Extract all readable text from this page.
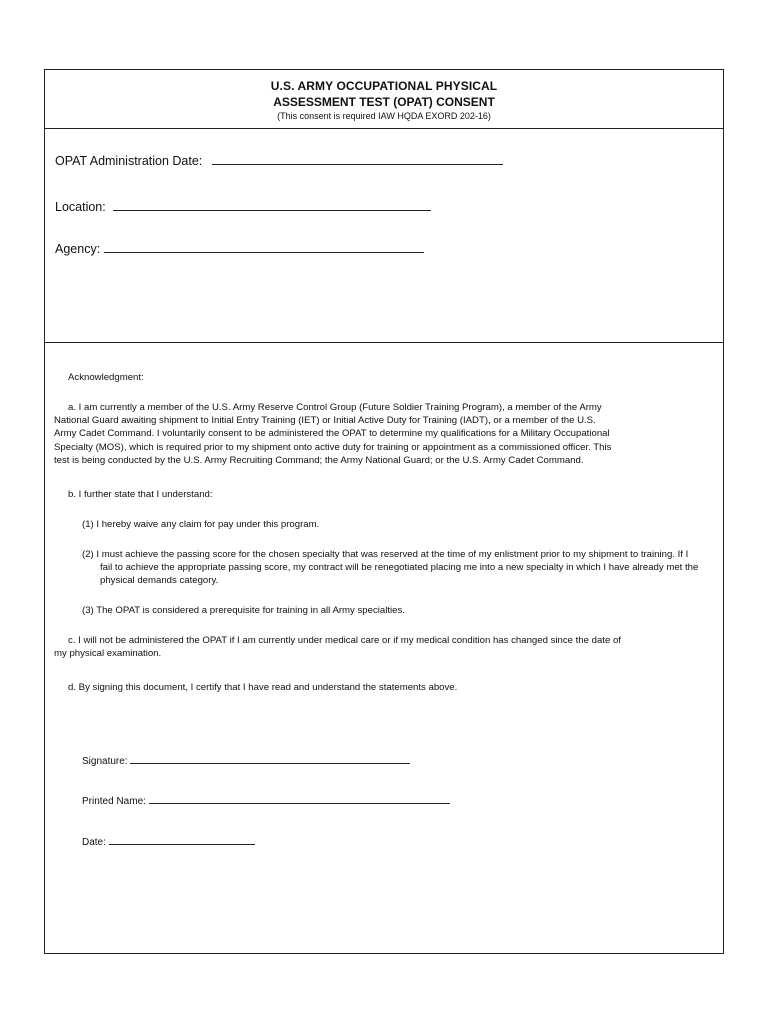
U.S. ARMY OCCUPATIONAL PHYSICAL
ASSESSMENT TEST (OPAT) CONSENT
(This consent is required IAW HQDA EXORD 202-16)
OPAT Administration Date:
Location:
Agency:
Acknowledgment:
a. I am currently a member of the U.S. Army Reserve Control Group (Future Soldier Training Program), a member of the Army
National Guard awaiting shipment to Initial Entry Training (IET) or Initial Active Duty for Training (IADT), or a member of the U.S.
Army Cadet Command. I voluntarily consent to be administered the OPAT to determine my qualifications for a Military Occupational
Specialty (MOS), which is required prior to my shipment onto active duty for training or appointment as a commissioned officer. This
test is being conducted by the U.S. Army Recruiting Command; the Army National Guard; or the U.S. Army Cadet Command.
b. I further state that I understand:
(1) I hereby waive any claim for pay under this program.
(2) I must achieve the passing score for the chosen specialty that was reserved at the time of my enlistment prior to my shipment to training. If I
fail to achieve the appropriate passing score, my contract will be renegotiated placing me into a new specialty in which I have already met the
physical demands category.
(3) The OPAT is considered a prerequisite for training in all Army specialties.
c. I will not be administered the OPAT if I am currently under medical care or if my medical condition has changed since the date of
my physical examination.
d. By signing this document, I certify that I have read and understand the statements above.
Signature:
Printed Name:
Date:
